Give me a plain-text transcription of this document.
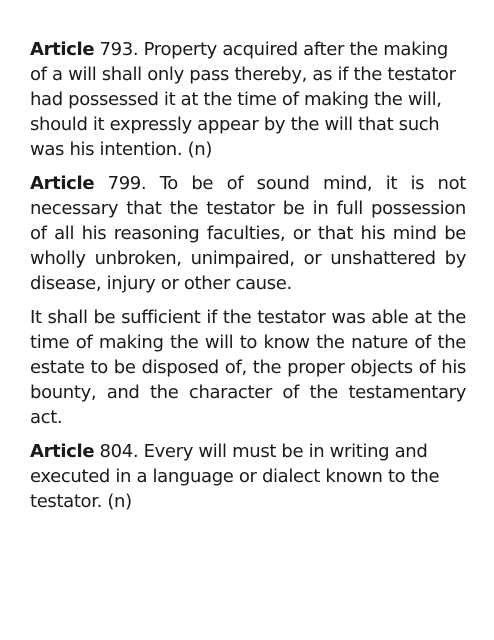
Article 793. Property acquired after the making of a will shall only pass thereby, as if the testator had possessed it at the time of making the will, should it expressly appear by the will that such was his intention. (n)

Article 799. To be of sound mind, it is not necessary that the testator be in full possession of all his reasoning faculties, or that his mind be wholly unbroken, unimpaired, or unshattered by disease, injury or other cause.

It shall be sufficient if the testator was able at the time of making the will to know the nature of the estate to be disposed of, the proper objects of his bounty, and the character of the testamentary act.

Article 804. Every will must be in writing and executed in a language or dialect known to the testator. (n)
